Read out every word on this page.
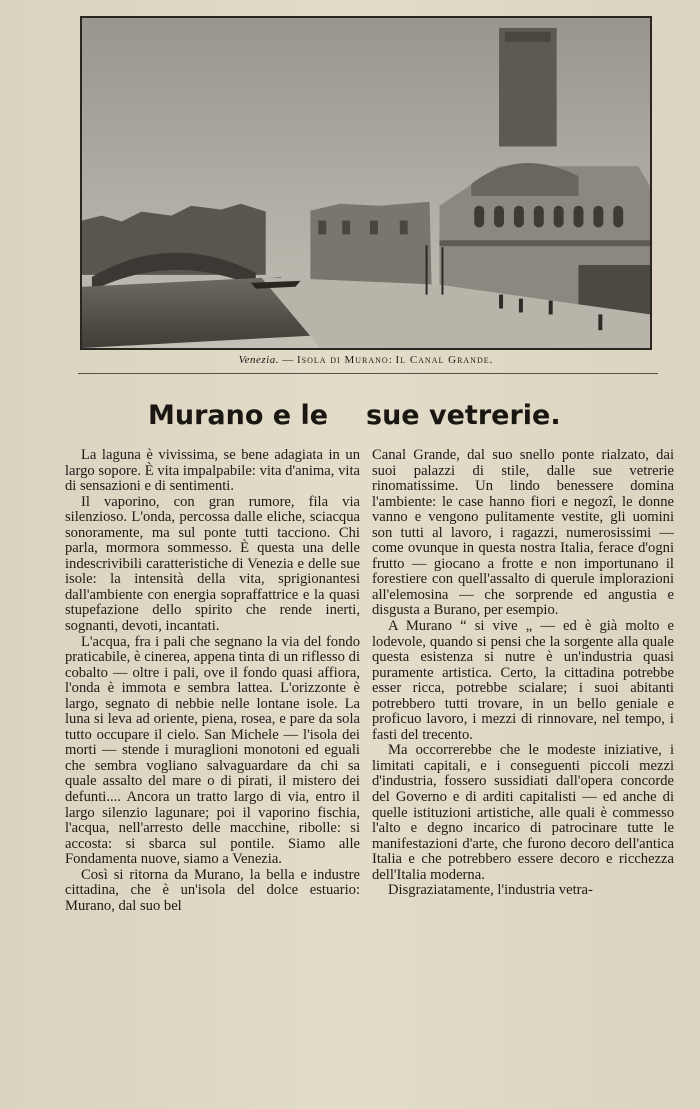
Venezia. — Isola di Murano: Il Canal Grande.
Murano e le sue vetrerie.

La laguna è vivissima, se bene adagiata in un largo sopore. È vita impalpabile: vita d'anima, vita di sensazioni e di sentimenti.

Il vaporino, con gran rumore, fila via silenzioso. L'onda, percossa dalle eliche, sciacqua sonoramente, ma sul ponte tutti tacciono. Chi parla, mormora sommesso. È questa una delle indescrivibili caratteristiche di Venezia e delle sue isole: la intensità della vita, sprigionantesi dall'ambiente con energia sopraffattrice e la quasi stupefazione dello spirito che rende inerti, sognanti, devoti, incantati.

L'acqua, fra i pali che segnano la via del fondo praticabile, è cinerea, appena tinta di un riflesso di cobalto — oltre i pali, ove il fondo quasi affiora, l'onda è immota e sembra lattea. L'orizzonte è largo, segnato di nebbie nelle lontane isole. La luna si leva ad oriente, piena, rosea, e pare da sola tutto occupare il cielo. San Michele — l'isola dei morti — stende i muraglioni monotoni ed eguali che sembra vogliano salvaguardare da chi sa quale assalto del mare o di pirati, il mistero dei defunti.... Ancora un tratto largo di via, entro il largo silenzio lagunare; poi il vaporino fischia, l'acqua, nell'arresto delle macchine, ribolle: si accosta: si sbarca sul pontile. Siamo alle Fondamenta nuove, siamo a Venezia.

Così si ritorna da Murano, la bella e industre cittadina, che è un'isola del dolce estuario: Murano, dal suo bel

Canal Grande, dal suo snello ponte rialzato, dai suoi palazzi di stile, dalle sue vetrerie rinomatissime. Un lindo benessere domina l'ambiente: le case hanno fiori e negozî, le donne vanno e vengono pulitamente vestite, gli uomini son tutti al lavoro, i ragazzi, numerosissimi — come ovunque in questa nostra Italia, ferace d'ogni frutto — giocano a frotte e non importunano il forestiere con quell'assalto di querule implorazioni all'elemosina — che sorprende ed angustia e disgusta a Burano, per esempio.

A Murano “ si vive „ — ed è già molto e lodevole, quando si pensi che la sorgente alla quale questa esistenza si nutre è un'industria quasi puramente artistica. Certo, la cittadina potrebbe esser ricca, potrebbe scialare; i suoi abitanti potrebbero tutti trovare, in un bello geniale e proficuo lavoro, i mezzi di rinnovare, nel tempo, i fasti del trecento.

Ma occorrerebbe che le modeste iniziative, i limitati capitali, e i conseguenti piccoli mezzi d'industria, fossero sussidiati dall'opera concorde del Governo e di arditi capitalisti — ed anche di quelle istituzioni artistiche, alle quali è commesso l'alto e degno incarico di patrocinare tutte le manifestazioni d'arte, che furono decoro dell'antica Italia e che potrebbero essere decoro e ricchezza dell'Italia moderna.

Disgraziatamente, l'industria vetra-
